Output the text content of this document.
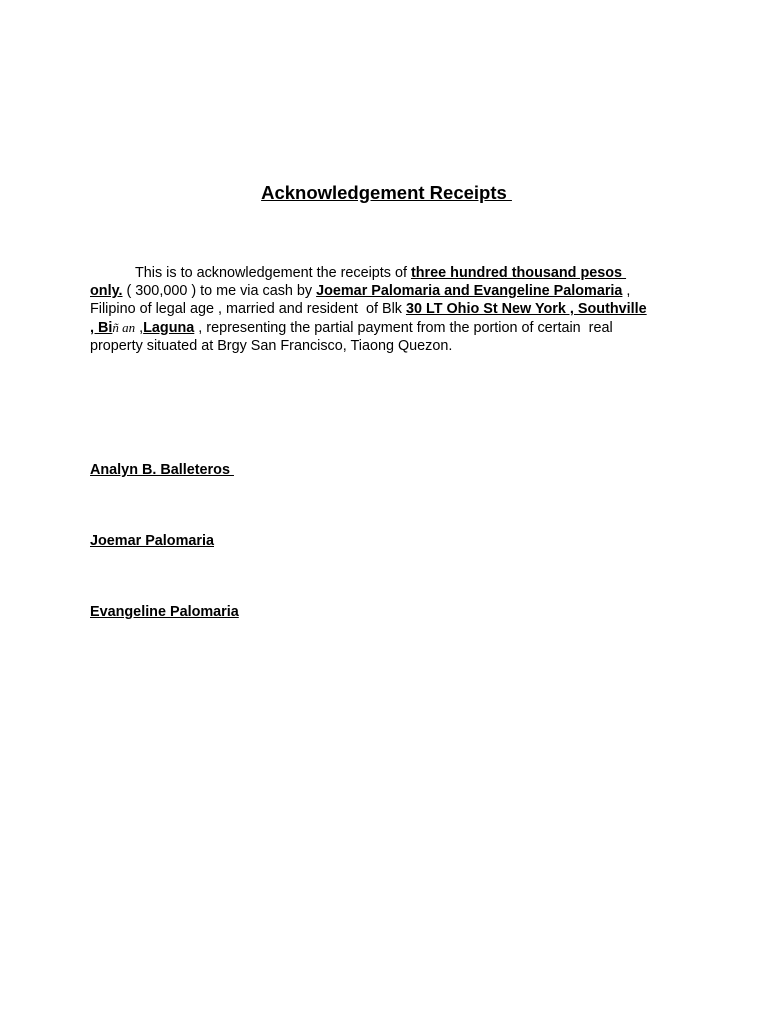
Acknowledgement Receipts
This is to acknowledgement the receipts of three hundred thousand pesos
only. ( 300,000 ) to me via cash by Joemar Palomaria and Evangeline Palomaria ,
Filipino of legal age , married and resident  of Blk 30 LT Ohio St New York , Southville
, Biñ an ,Laguna , representing the partial payment from the portion of certain  real
property situated at Brgy San Francisco, Tiaong Quezon.
Analyn B. Balleteros
Joemar Palomaria
Evangeline Palomaria
